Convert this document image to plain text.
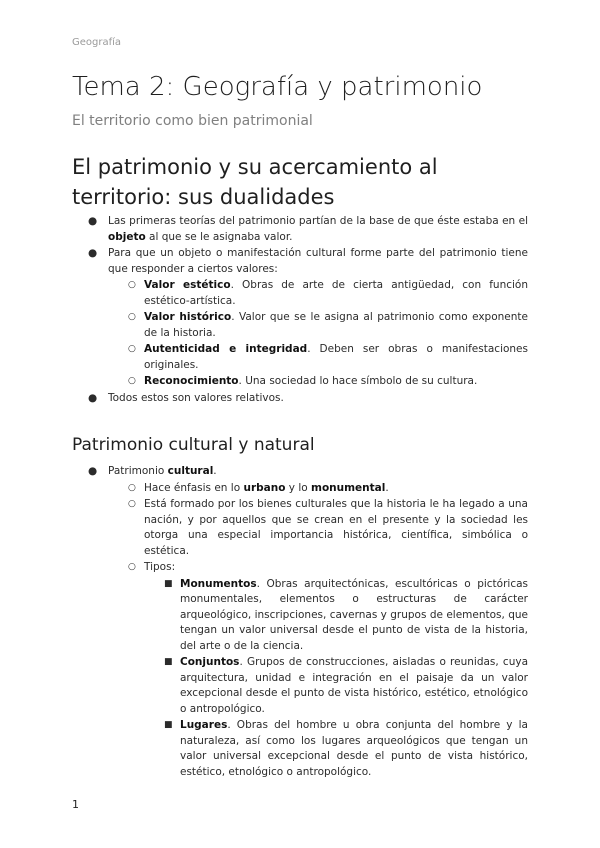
Geografía
Tema 2: Geografía y patrimonio
El territorio como bien patrimonial
El patrimonio y su acercamiento al territorio: sus dualidades
● Las primeras teorías del patrimonio partían de la base de que éste estaba en el objeto al que se le asignaba valor.
● Para que un objeto o manifestación cultural forme parte del patrimonio tiene que responder a ciertos valores:
○ Valor estético. Obras de arte de cierta antigüedad, con función estético-artística.
○ Valor histórico. Valor que se le asigna al patrimonio como exponente de la historia.
○ Autenticidad e integridad. Deben ser obras o manifestaciones originales.
○ Reconocimiento. Una sociedad lo hace símbolo de su cultura.
● Todos estos son valores relativos.
Patrimonio cultural y natural
● Patrimonio cultural.
○ Hace énfasis en lo urbano y lo monumental.
○ Está formado por los bienes culturales que la historia le ha legado a una nación, y por aquellos que se crean en el presente y la sociedad les otorga una especial importancia histórica, científica, simbólica o estética.
○ Tipos:
■ Monumentos. Obras arquitectónicas, escultóricas o pictóricas monumentales, elementos o estructuras de carácter arqueológico, inscripciones, cavernas y grupos de elementos, que tengan un valor universal desde el punto de vista de la historia, del arte o de la ciencia.
■ Conjuntos. Grupos de construcciones, aisladas o reunidas, cuya arquitectura, unidad e integración en el paisaje da un valor excepcional desde el punto de vista histórico, estético, etnológico o antropológico.
■ Lugares. Obras del hombre u obra conjunta del hombre y la naturaleza, así como los lugares arqueológicos que tengan un valor universal excepcional desde el punto de vista histórico, estético, etnológico o antropológico.
1
